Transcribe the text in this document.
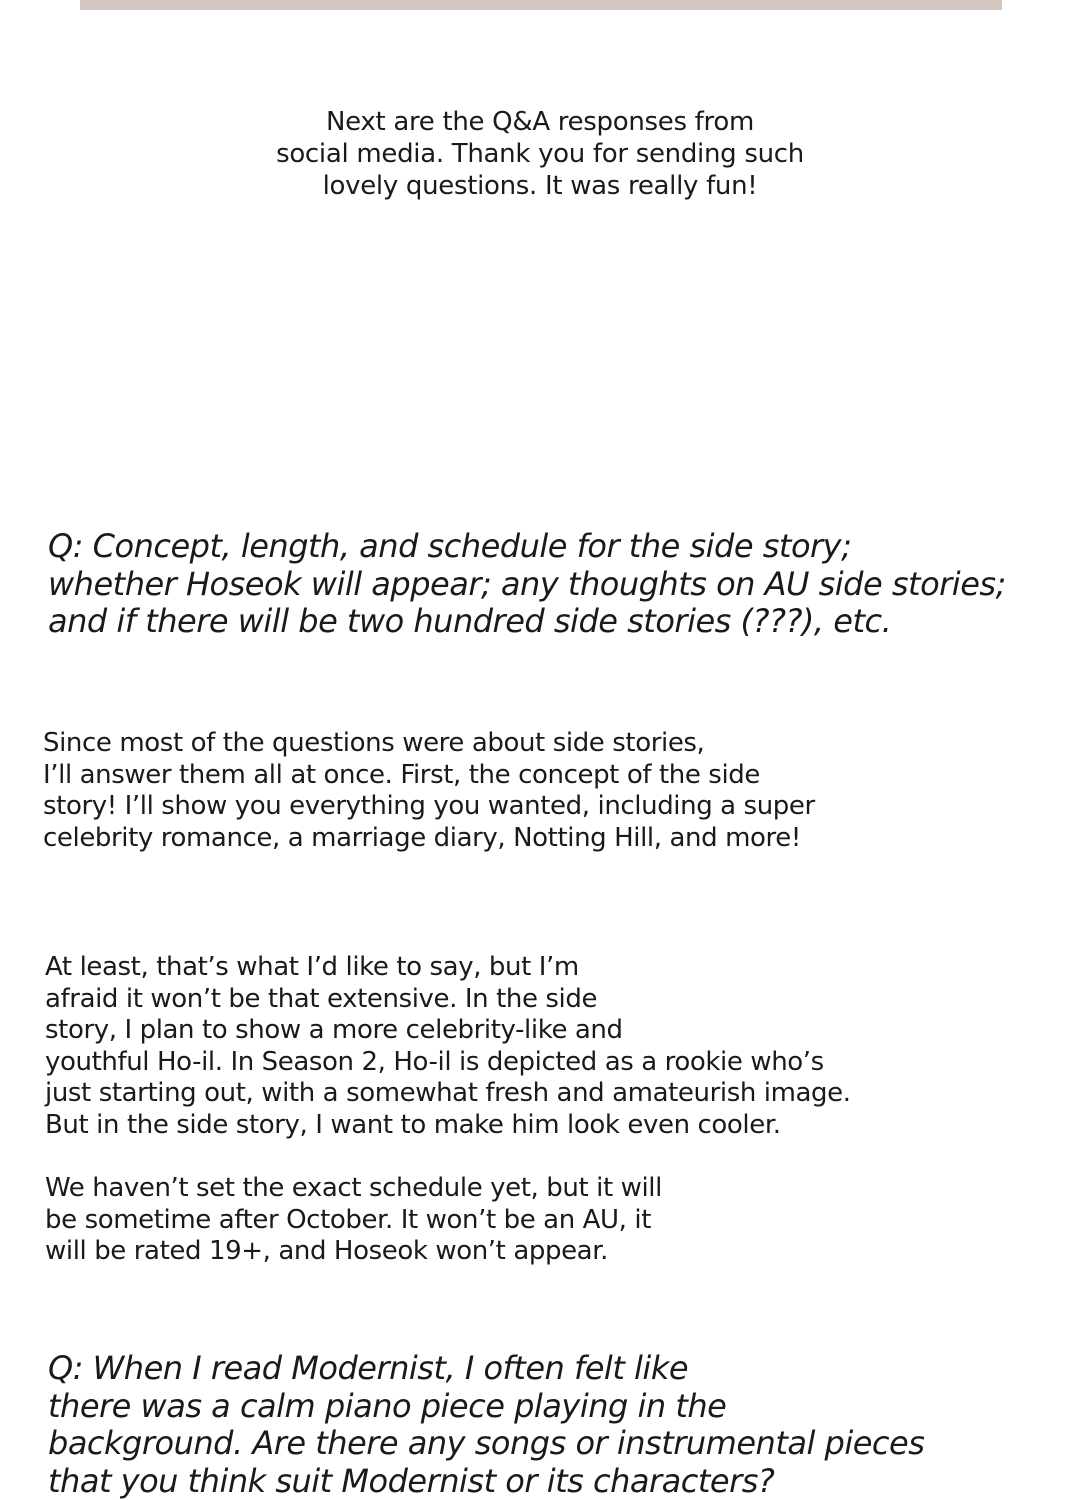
Next are the Q&A responses from
social media. Thank you for sending such
lovely questions. It was really fun!
Q: Concept, length, and schedule for the side story;
whether Hoseok will appear; any thoughts on AU side stories;
and if there will be two hundred side stories (???), etc.
Since most of the questions were about side stories,
I’ll answer them all at once. First, the concept of the side
story! I’ll show you everything you wanted, including a super
celebrity romance, a marriage diary, Notting Hill, and more!
At least, that’s what I’d like to say, but I’m
afraid it won’t be that extensive. In the side
story, I plan to show a more celebrity-like and
youthful Ho-il. In Season 2, Ho-il is depicted as a rookie who’s
just starting out, with a somewhat fresh and amateurish image.
But in the side story, I want to make him look even cooler.
We haven’t set the exact schedule yet, but it will
be sometime after October. It won’t be an AU, it
will be rated 19+, and Hoseok won’t appear.
Q: When I read Modernist, I often felt like
there was a calm piano piece playing in the
background. Are there any songs or instrumental pieces
that you think suit Modernist or its characters?
